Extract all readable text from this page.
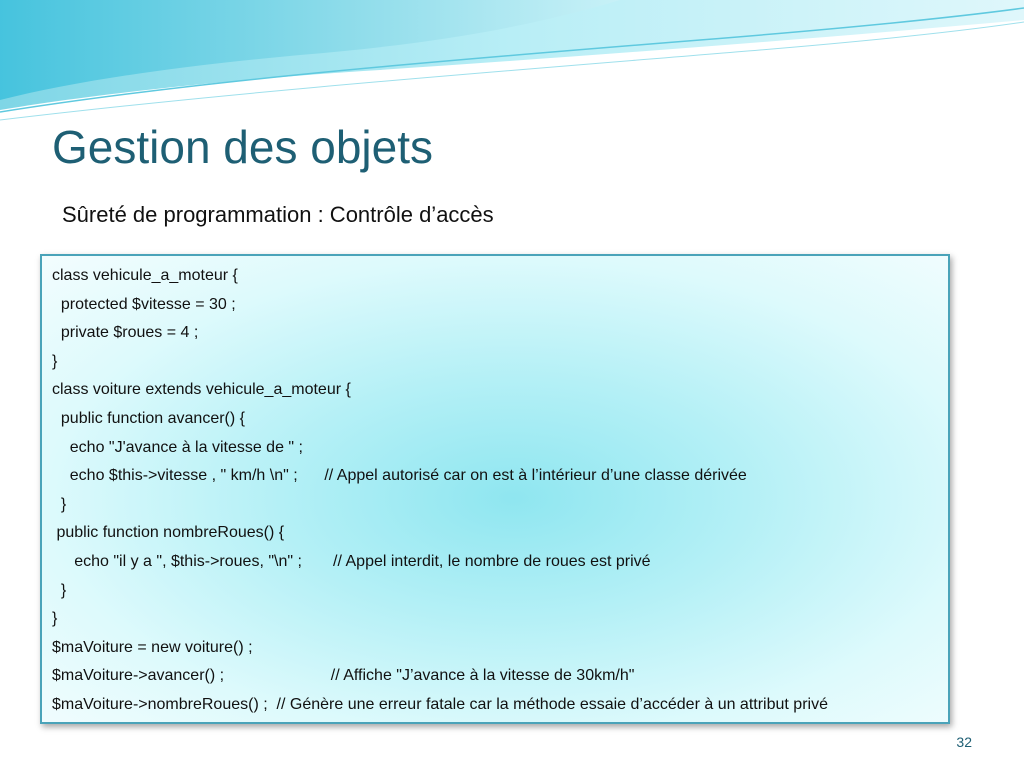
Gestion des objets
Sûreté de programmation : Contrôle d’accès
class vehicule_a_moteur {
protected $vitesse = 30 ;
private $roues = 4 ;
}
class voiture extends vehicule_a_moteur {
public function avancer() {
echo "J'avance à la vitesse de " ;
echo $this->vitesse , " km/h \n" ;      // Appel autorisé car on est à l’intérieur d’une classe dérivée
}
public function nombreRoues() {
echo "il y a ", $this->roues, "\n" ;       // Appel interdit, le nombre de roues est privé
}
}
$maVoiture = new voiture() ;
$maVoiture->avancer() ;                        // Affiche "J’avance à la vitesse de 30km/h"
$maVoiture->nombreRoues() ;  // Génère une erreur fatale car la méthode essaie d’accéder à un attribut privé
32
